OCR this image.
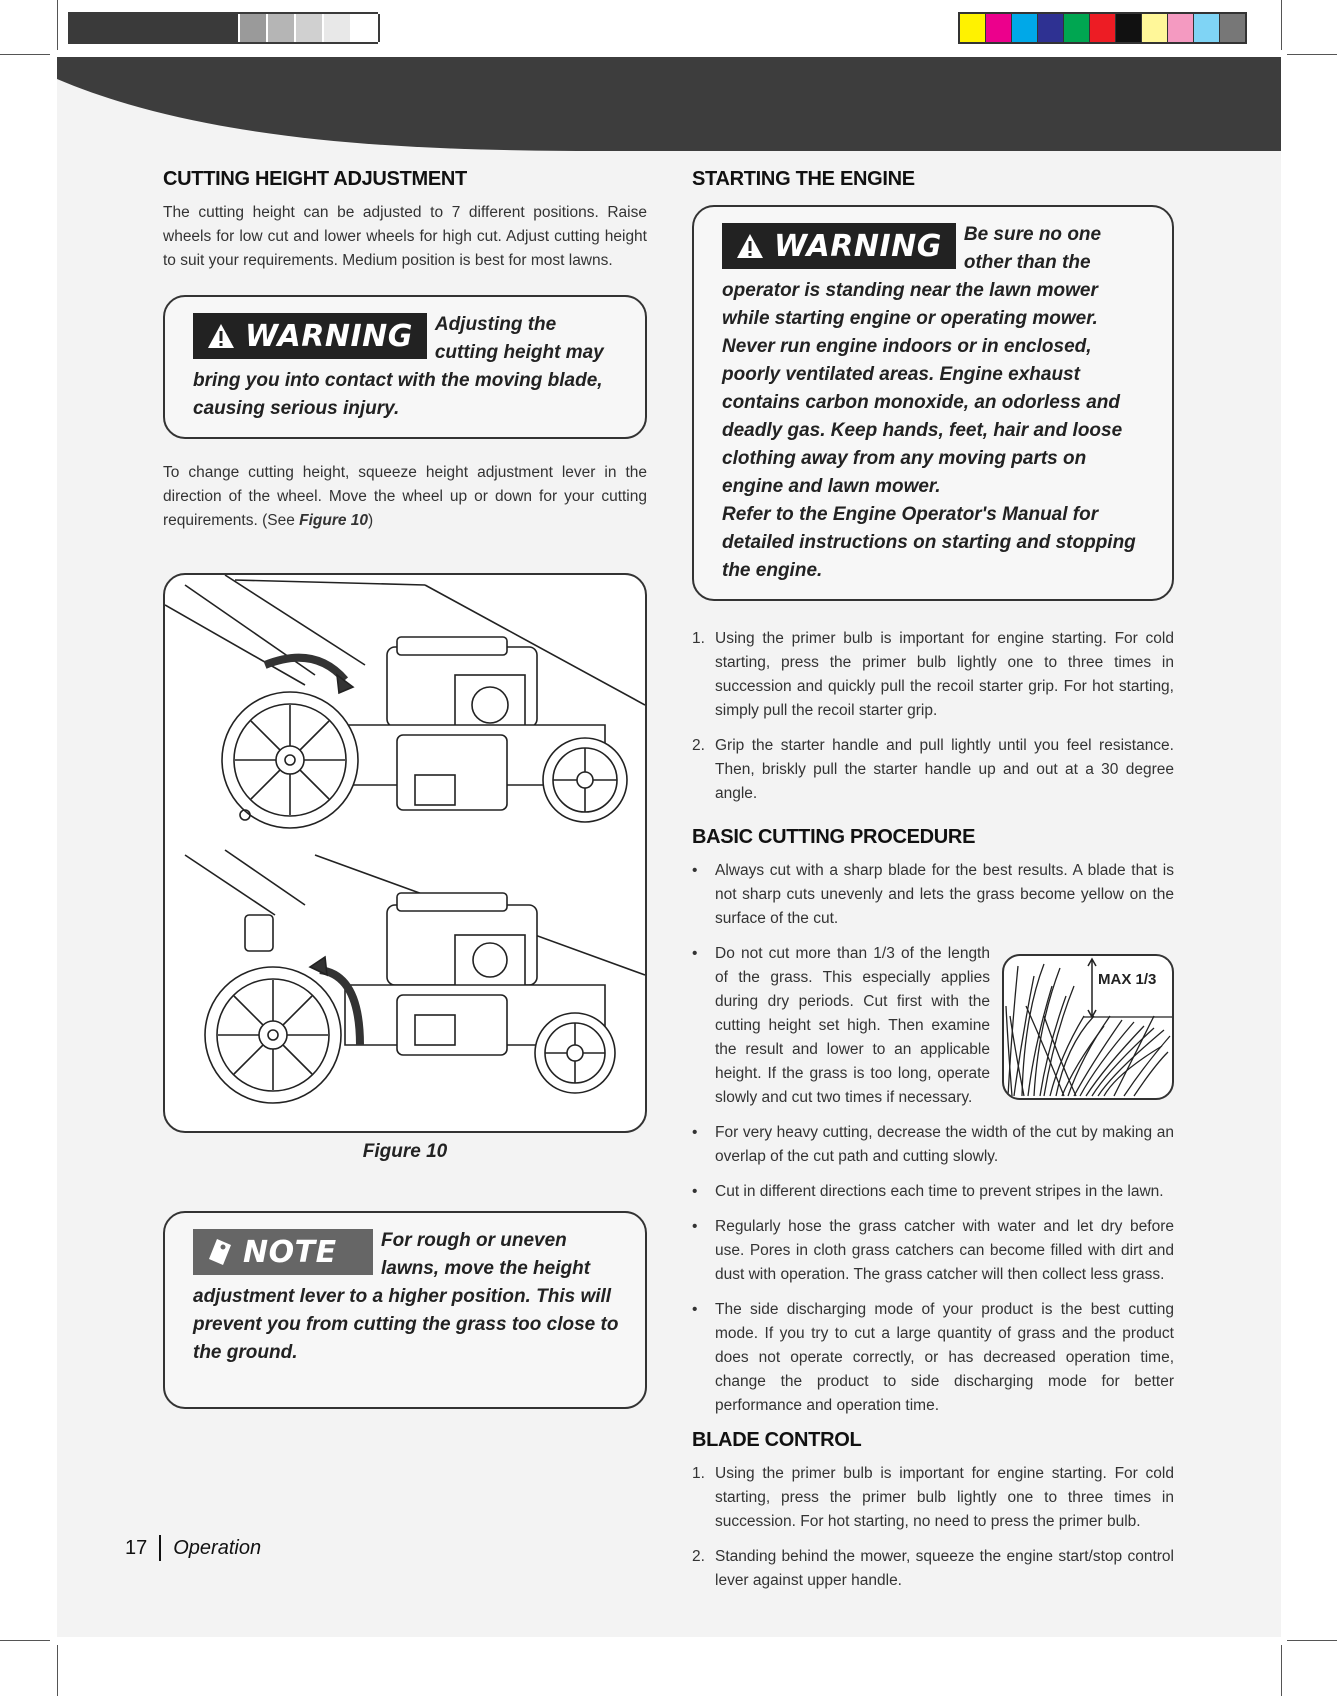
CUTTING HEIGHT ADJUSTMENT

The cutting height can be adjusted to 7 different positions. Raise wheels for low cut and lower wheels for high cut. Adjust cutting height to suit your requirements. Medium position is best for most lawns.

WARNING	Adjusting the cutting height may bring you into contact with the moving blade, causing serious injury.

To change cutting height, squeeze height adjustment lever in the direction of the wheel. Move the wheel up or down for your cutting requirements. (See Figure 10)

Figure 10
NOTE	For rough or uneven lawns, move the height adjustment lever to a higher position. This will prevent you from cutting the grass too close to the ground.
STARTING THE ENGINE
WARNING	Be sure no one other than the operator is standing near the lawn mower while starting engine or operating mower. Never run engine indoors or in enclosed, poorly ventilated areas. Engine exhaust contains carbon monoxide, an odorless and deadly gas. Keep hands, feet, hair and loose clothing away from any moving parts on engine and lawn mower.
Refer to the Engine Operator's Manual for detailed instructions on starting and stopping the engine.
1. Using the primer bulb is important for engine starting. For cold starting, press the primer bulb lightly one to three times in succession and quickly pull the recoil starter grip. For hot starting, simply pull the recoil starter grip.
2. Grip the starter handle and pull lightly until you feel resistance. Then, briskly pull the starter handle up and out at a 30 degree angle.
BASIC CUTTING PROCEDURE
• Always cut with a sharp blade for the best results. A blade that is not sharp cuts unevenly and lets the grass become yellow on the surface of the cut.
• Do not cut more than 1/3 of the length of the grass. This especially applies during dry periods. Cut first with the cutting height set high. Then examine the result and lower to an applicable height. If the grass is too long, operate slowly and cut two times if necessary.
MAX 1/3
• For very heavy cutting, decrease the width of the cut by making an overlap of the cut path and cutting slowly.
• Cut in different directions each time to prevent stripes in the lawn.
• Regularly hose the grass catcher with water and let dry before use. Pores in cloth grass catchers can become filled with dirt and dust with operation. The grass catcher will then collect less grass.
• The side discharging mode of your product is the best cutting mode. If you try to cut a large quantity of grass and the product does not operate correctly, or has decreased operation time, change the product to side discharging mode for better performance and operation time.
BLADE CONTROL
1. Using the primer bulb is important for engine starting. For cold starting, press the primer bulb lightly one to three times in succession. For hot starting, no need to press the primer bulb.
2. Standing behind the mower, squeeze the engine start/stop control lever against upper handle.
17 Operation
